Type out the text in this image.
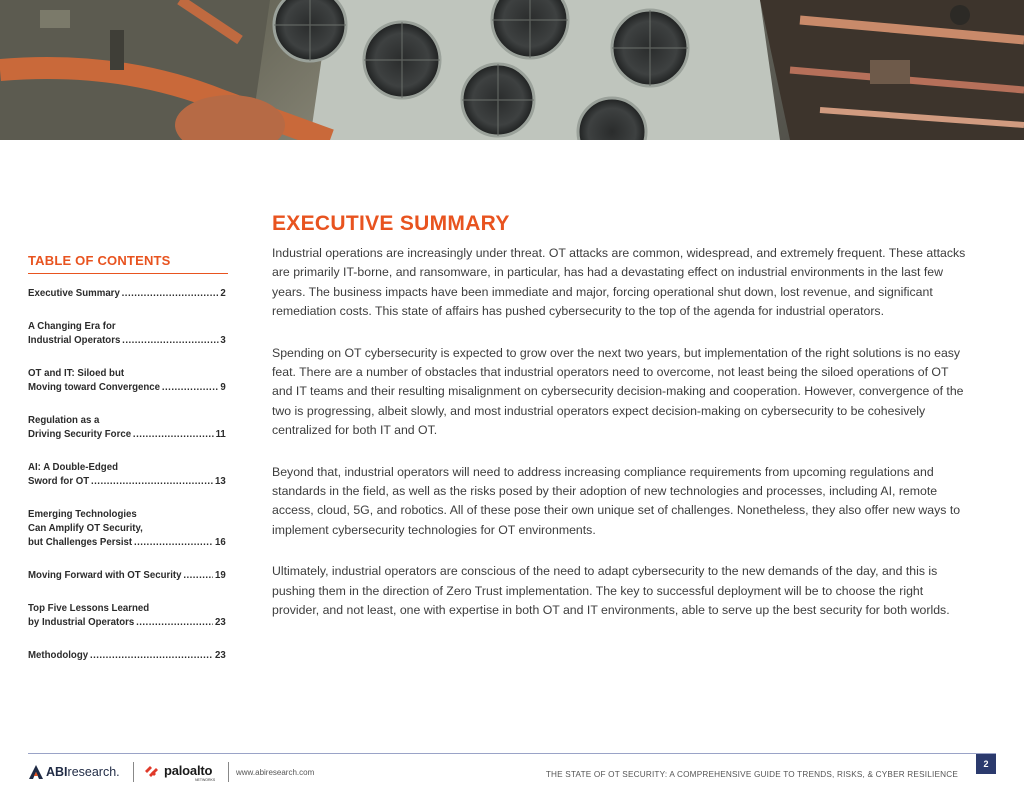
TABLE OF CONTENTS
Executive Summary .....	2
A Changing Era for
Industrial Operators .....	3
OT and IT: Siloed but
Moving toward Convergence .....	9
Regulation as a
Driving Security Force .....	11
AI: A Double-Edged
Sword for OT .....	13
Emerging Technologies
Can Amplify OT Security,
but Challenges Persist .....	16
Moving Forward with OT Security .....	19
Top Five Lessons Learned
by Industrial Operators .....	23
Methodology .....	23
EXECUTIVE SUMMARY

Industrial operations are increasingly under threat. OT attacks are common, widespread, and extremely frequent. These attacks are primarily IT-borne, and ransomware, in particular, has had a devastating effect on industrial environments in the last few years. The business impacts have been immediate and major, forcing operational shut down, lost revenue, and significant remediation costs. This state of affairs has pushed cybersecurity to the top of the agenda for industrial operators.

Spending on OT cybersecurity is expected to grow over the next two years, but implementation of the right solutions is no easy feat. There are a number of obstacles that industrial operators need to overcome, not least being the siloed operations of OT and IT teams and their resulting misalignment on cybersecurity decision-making and cooperation. However, convergence of the two is progressing, albeit slowly, and most industrial operators expect decision-making on cybersecurity to be cohesively centralized for both IT and OT.

Beyond that, industrial operators will need to address increasing compliance requirements from upcoming regulations and standards in the field, as well as the risks posed by their adoption of new technologies and processes, including AI, remote access, cloud, 5G, and robotics. All of these pose their own unique set of challenges. Nonetheless, they also offer new ways to implement cybersecurity technologies for OT environments.

Ultimately, industrial operators are conscious of the need to adapt cybersecurity to the new demands of the day, and this is pushing them in the direction of Zero Trust implementation. The key to successful deployment will be to choose the right provider, and not least, one with expertise in both OT and IT environments, able to serve up the best security for both worlds.

ABIresearch.	paloalto
NETWORKS
www.abiresearch.com	THE STATE OF OT SECURITY: A COMPREHENSIVE GUIDE TO TRENDS, RISKS, & CYBER RESILIENCE
2
